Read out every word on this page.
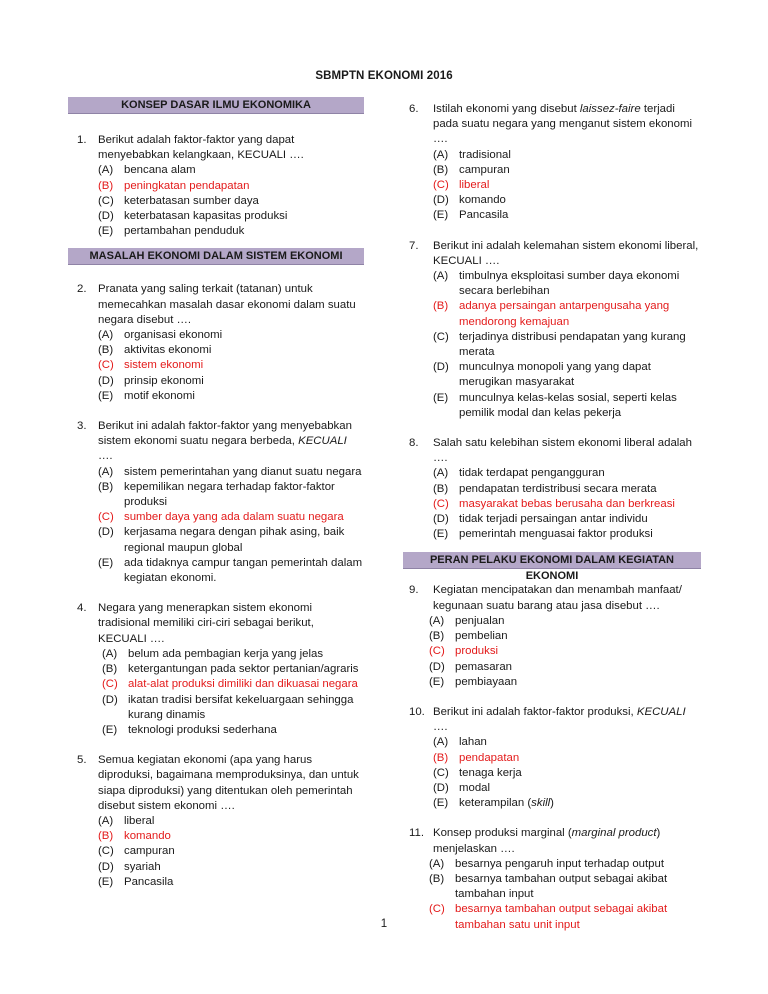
SBMPTN EKONOMI 2016
KONSEP DASAR ILMU EKONOMIKA
1. Berikut adalah faktor-faktor yang dapat menyebabkan kelangkaan, KECUALI ….

(A) bencana alam
(B) peningkatan pendapatan
(C) keterbatasan sumber daya
(D) keterbatasan kapasitas produksi
(E) pertambahan penduduk
MASALAH EKONOMI DALAM SISTEM EKONOMI
2. Pranata yang saling terkait (tatanan) untuk memecahkan masalah dasar ekonomi dalam suatu negara disebut ….

(A) organisasi ekonomi
(B) aktivitas ekonomi
(C) sistem ekonomi
(D) prinsip ekonomi
(E) motif ekonomi
3. Berikut ini adalah faktor-faktor yang menyebabkan sistem ekonomi suatu negara berbeda, KECUALI ….

(A) sistem pemerintahan yang dianut suatu negara
(B) kepemilikan negara terhadap faktor-faktor produksi
(C) sumber daya yang ada dalam suatu negara
(D) kerjasama negara dengan pihak asing, baik regional maupun global
(E) ada tidaknya campur tangan pemerintah dalam kegiatan ekonomi.
4. Negara yang menerapkan sistem ekonomi tradisional memiliki ciri-ciri sebagai berikut, KECUALI ….

(A) belum ada pembagian kerja yang jelas
(B) ketergantungan pada sektor pertanian/agraris
(C) alat-alat produksi dimiliki dan dikuasai negara
(D) ikatan tradisi bersifat kekeluargaan sehingga kurang dinamis
(E) teknologi produksi sederhana
5. Semua kegiatan ekonomi (apa yang harus diproduksi, bagaimana memproduksinya, dan untuk siapa diproduksi) yang ditentukan oleh pemerintah disebut sistem ekonomi ….

(A) liberal
(B) komando
(C) campuran
(D) syariah
(E) Pancasila
6. Istilah ekonomi yang disebut laissez-faire terjadi pada suatu negara yang menganut sistem ekonomi ….

(A) tradisional
(B) campuran
(C) liberal
(D) komando
(E) Pancasila
7. Berikut ini adalah kelemahan sistem ekonomi liberal, KECUALI ….

(A) timbulnya eksploitasi sumber daya ekonomi secara berlebihan
(B) adanya persaingan antarpengusaha yang mendorong kemajuan
(C) terjadinya distribusi pendapatan yang kurang merata
(D) munculnya monopoli yang yang dapat merugikan masyarakat
(E) munculnya kelas-kelas sosial, seperti kelas pemilik modal dan kelas pekerja
8. Salah satu kelebihan sistem ekonomi liberal adalah ….

(A) tidak terdapat pengangguran
(B) pendapatan terdistribusi secara merata
(C) masyarakat bebas berusaha dan berkreasi
(D) tidak terjadi persaingan antar individu
(E) pemerintah menguasai faktor produksi
PERAN PELAKU EKONOMI DALAM KEGIATAN EKONOMI
9. Kegiatan mencipatakan dan menambah manfaat/ kegunaan suatu barang atau jasa disebut ….

(A) penjualan
(B) pembelian
(C) produksi
(D) pemasaran
(E) pembiayaan
10. Berikut ini adalah faktor-faktor produksi, KECUALI ….

(A) lahan
(B) pendapatan
(C) tenaga kerja
(D) modal
(E) keterampilan (skill)
11. Konsep produksi marginal (marginal product) menjelaskan ….

(A) besarnya pengaruh input terhadap output
(B) besarnya tambahan output sebagai akibat tambahan input
(C) besarnya tambahan output sebagai akibat tambahan satu unit input
1
